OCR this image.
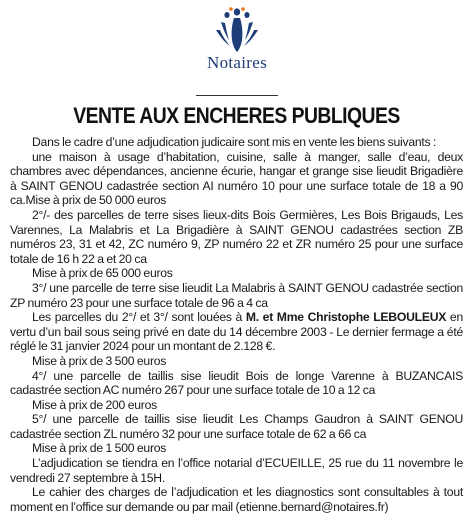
Notaires
VENTE AUX ENCHERES PUBLIQUES

Dans le cadre d’une adjudication judicaire sont mis en vente les biens suivants :

une maison à usage d’habitation, cuisine, salle à manger, salle d’eau, deux chambres avec dépendances, ancienne écurie, hangar et grange sise lieudit Brigadière à SAINT GENOU cadastrée section AI numéro 10 pour une surface totale de 18 a 90 ca.Mise à prix de 50 000 euros

2°/- des parcelles de terre sises lieux-dits Bois Germières, Les Bois Brigauds, Les Varennes, La Malabris et La Brigadière à SAINT GENOU cadastrées section ZB numéros 23, 31 et 42, ZC numéro 9, ZP numéro 22 et ZR numéro 25 pour une surface totale de 16 h 22 a et 20 ca

Mise à prix de 65 000 euros

3°/ une parcelle de terre sise lieudit La Malabris à SAINT GENOU cadastrée section ZP numéro 23 pour une surface totale de 96 a 4 ca

Les parcelles du 2°/ et 3°/ sont louées à M. et Mme Christophe LEBOULEUX en vertu d’un bail sous seing privé en date du 14 décembre 2003 - Le dernier fermage a été réglé le 31 janvier 2024 pour un montant de 2.128 €.

Mise à prix de 3 500 euros

4°/ une parcelle de taillis sise lieudit Bois de longe Varenne à BUZANCAIS cadastrée section AC numéro 267 pour une surface totale de 10 a 12 ca

Mise à prix de 200 euros

5°/ une parcelle de taillis sise lieudit Les Champs Gaudron à SAINT GENOU cadastrée section ZL numéro 32 pour une surface totale de 62 a 66 ca

Mise à prix de 1 500 euros

L’adjudication se tiendra en l’office notarial d’ECUEILLE, 25 rue du 11 novembre le vendredi 27 septembre à 15H.

Le cahier des charges de l’adjudication et les diagnostics sont consultables à tout moment en l’office sur demande ou par mail (etienne.bernard@notaires.fr)
